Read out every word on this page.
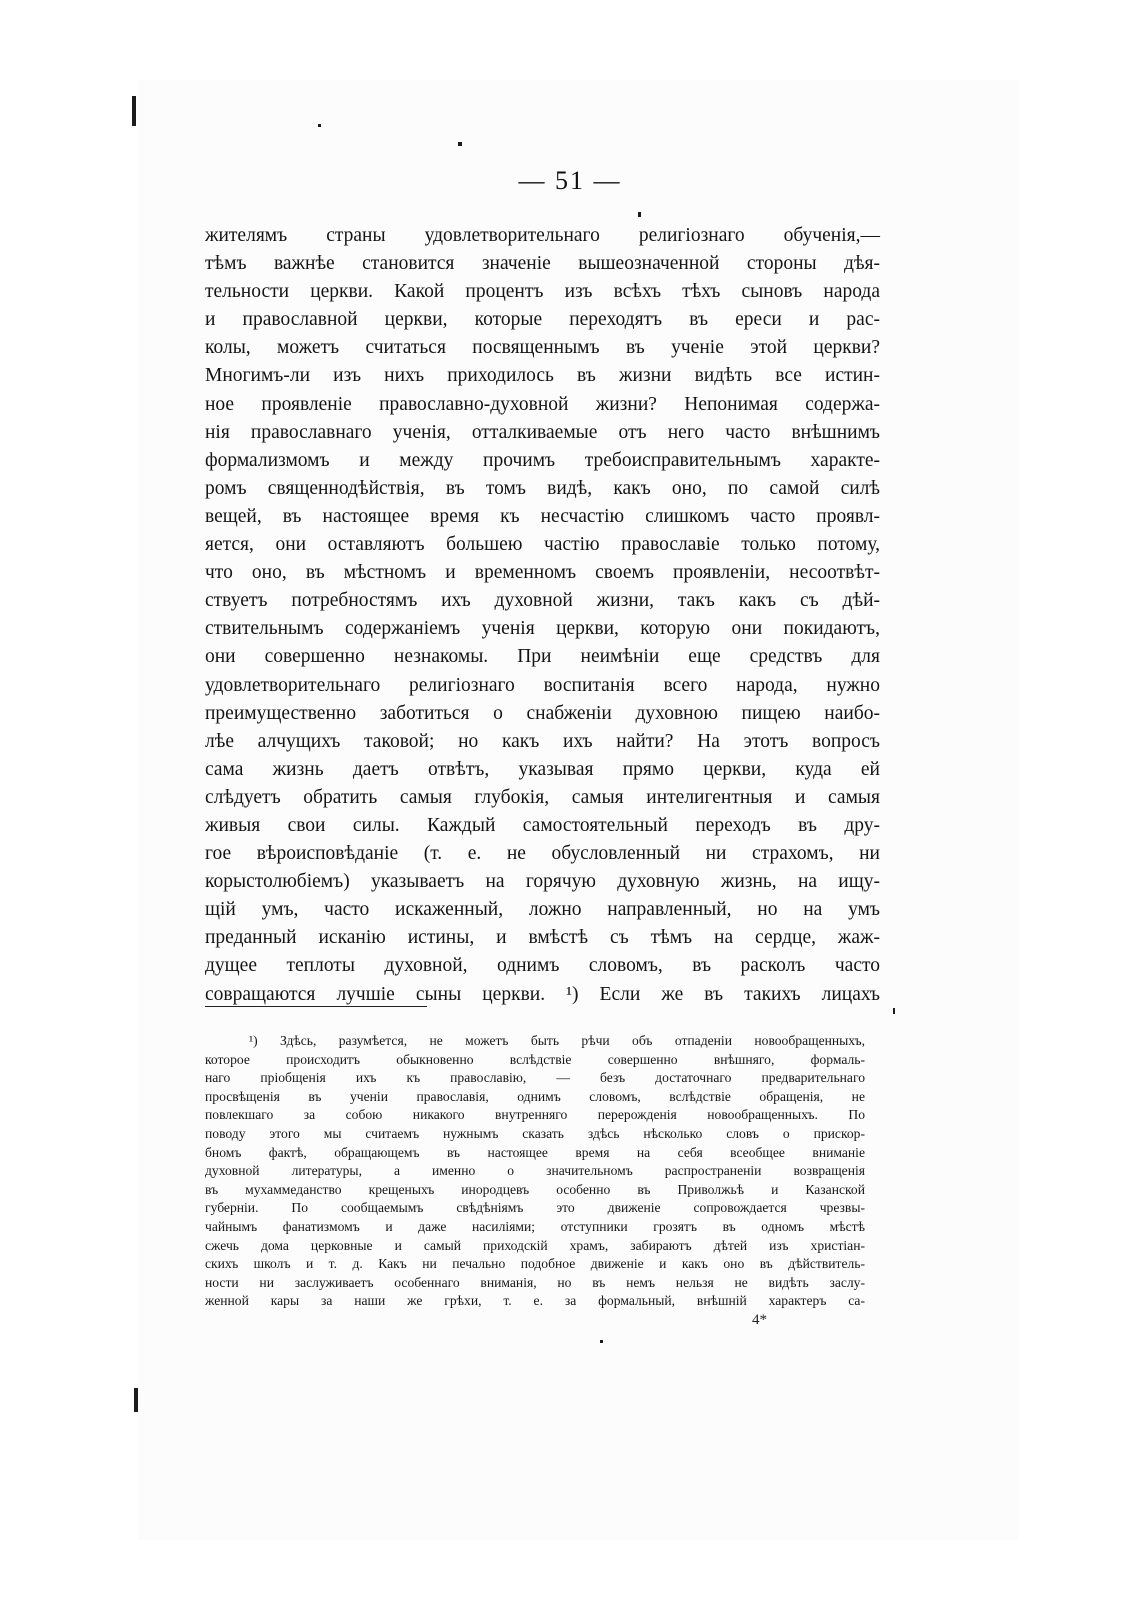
— 51 —
жителямъ страны удовлетворительнаго религіознаго обученія,—
тѣмъ важнѣе становится значеніе вышеозначенной стороны дѣя-
тельности церкви. Какой процентъ изъ всѣхъ тѣхъ сыновъ народа
и православной церкви, которые переходятъ въ ереси и рас-
колы, можетъ считаться посвященнымъ въ ученіе этой церкви?
Многимъ-ли изъ нихъ приходилось въ жизни видѣть все истин-
ное проявленіе православно-духовной жизни? Непонимая содержа-
нія православнаго ученія, отталкиваемые отъ него часто внѣшнимъ
формализмомъ и между прочимъ требоисправительнымъ характе-
ромъ священнодѣйствія, въ томъ видѣ, какъ оно, по самой силѣ
вещей, въ настоящее время къ несчастію слишкомъ часто проявл-
яется, они оставляютъ большею частію православіе только потому,
что оно, въ мѣстномъ и временномъ своемъ проявленіи, несоотвѣт-
ствуетъ потребностямъ ихъ духовной жизни, такъ какъ съ дѣй-
ствительнымъ содержаніемъ ученія церкви, которую они покидаютъ,
они совершенно незнакомы. При неимѣніи еще средствъ для
удовлетворительнаго религіознаго воспитанія всего народа, нужно
преимущественно заботиться о снабженіи духовною пищею наибо-
лѣе алчущихъ таковой; но какъ ихъ найти? На этотъ вопросъ
сама жизнь даетъ отвѣтъ, указывая прямо церкви, куда ей
слѣдуетъ обратить самыя глубокія, самыя интелигентныя и самыя
живыя свои силы. Каждый самостоятельный переходъ въ дру-
гое вѣроисповѣданіе (т. е. не обусловленный ни страхомъ, ни
корыстолюбіемъ) указываетъ на горячую духовную жизнь, на ищу-
щій умъ, часто искаженный, ложно направленный, но на умъ
преданный исканію истины, и вмѣстѣ съ тѣмъ на сердце, жаж-
дущее теплоты духовной, однимъ словомъ, въ расколъ часто
совращаются лучшіе сыны церкви. ¹) Если же въ такихъ лицахъ
¹) Здѣсь, разумѣется, не можетъ быть рѣчи объ отпаденіи новообращенныхъ,
которое происходитъ обыкновенно вслѣдствіе совершенно внѣшняго, формаль-
наго пріобщенія ихъ къ православію, — безъ достаточнаго предварительнаго
просвѣщенія въ ученіи православія, однимъ словомъ, вслѣдствіе обращенія, не
повлекшаго за собою никакого внутренняго перерожденія новообращенныхъ. По
поводу этого мы считаемъ нужнымъ сказать здѣсь нѣсколько словъ о прискор-
бномъ фактѣ, обращающемъ въ настоящее время на себя всеобщее вниманіе
духовной литературы, а именно о значительномъ распространеніи возвращенія
въ мухаммеданство крещеныхъ инородцевъ особенно въ Приволжьѣ и Казанской
губерніи. По сообщаемымъ свѣдѣніямъ это движеніе сопровождается чрезвы-
чайнымъ фанатизмомъ и даже насиліями; отступники грозятъ въ одномъ мѣстѣ
сжечь дома церковные и самый приходскій храмъ, забираютъ дѣтей изъ христіан-
скихъ школъ и т. д. Какъ ни печально подобное движеніе и какъ оно въ дѣйствитель-
ности ни заслуживаетъ особеннаго вниманія, но въ немъ нельзя не видѣть заслу-
женной кары за наши же грѣхи, т. е. за формальный, внѣшній характеръ са-
4*
